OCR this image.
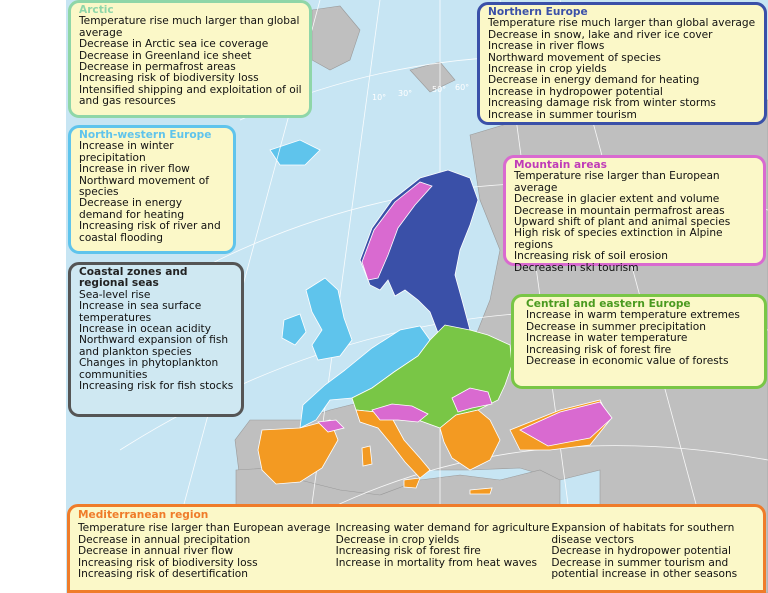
10° 30° 50° 60°
Arctic
Temperature rise much larger than global average
Decrease in Arctic sea ice coverage
Decrease in Greenland ice sheet
Decrease in permafrost areas
Increasing risk of biodiversity loss
Intensified shipping and exploitation of oil and gas resources
North-western Europe
Increase in winter precipitation
Increase in river flow
Northward movement of species
Decrease in energy demand for heating
Increasing risk of river and coastal flooding
Coastal zones and regional seas
Sea-level rise
Increase in sea surface temperatures
Increase in ocean acidity
Northward expansion of fish and plankton species
Changes in phytoplankton communities
Increasing risk for fish stocks
Northern Europe
Temperature rise much larger than global average
Decrease in snow, lake and river ice cover
Increase in river flows
Northward movement of species
Increase in crop yields
Decrease in energy demand for heating
Increase in hydropower potential
Increasing damage risk from winter storms
Increase in summer tourism
Mountain areas
Temperature rise larger than European average
Decrease in glacier extent and volume
Decrease in mountain permafrost areas
Upward shift of plant and animal species
High risk of species extinction in Alpine regions
Increasing risk of soil erosion
Decrease in ski tourism
Central and eastern Europe
Increase in warm temperature extremes
Decrease in summer precipitation
Increase in water temperature
Increasing risk of forest fire
Decrease in economic value of forests
Mediterranean region
Temperature rise larger than European average
Decrease in annual precipitation
Decrease in annual river flow
Increasing risk of biodiversity loss
Increasing risk of desertification
Increasing water demand for agriculture
Decrease in crop yields
Increasing risk of forest fire
Increase in mortality from heat waves
Expansion of habitats for southern disease vectors
Decrease in hydropower potential
Decrease in summer tourism and potential increase in other seasons
